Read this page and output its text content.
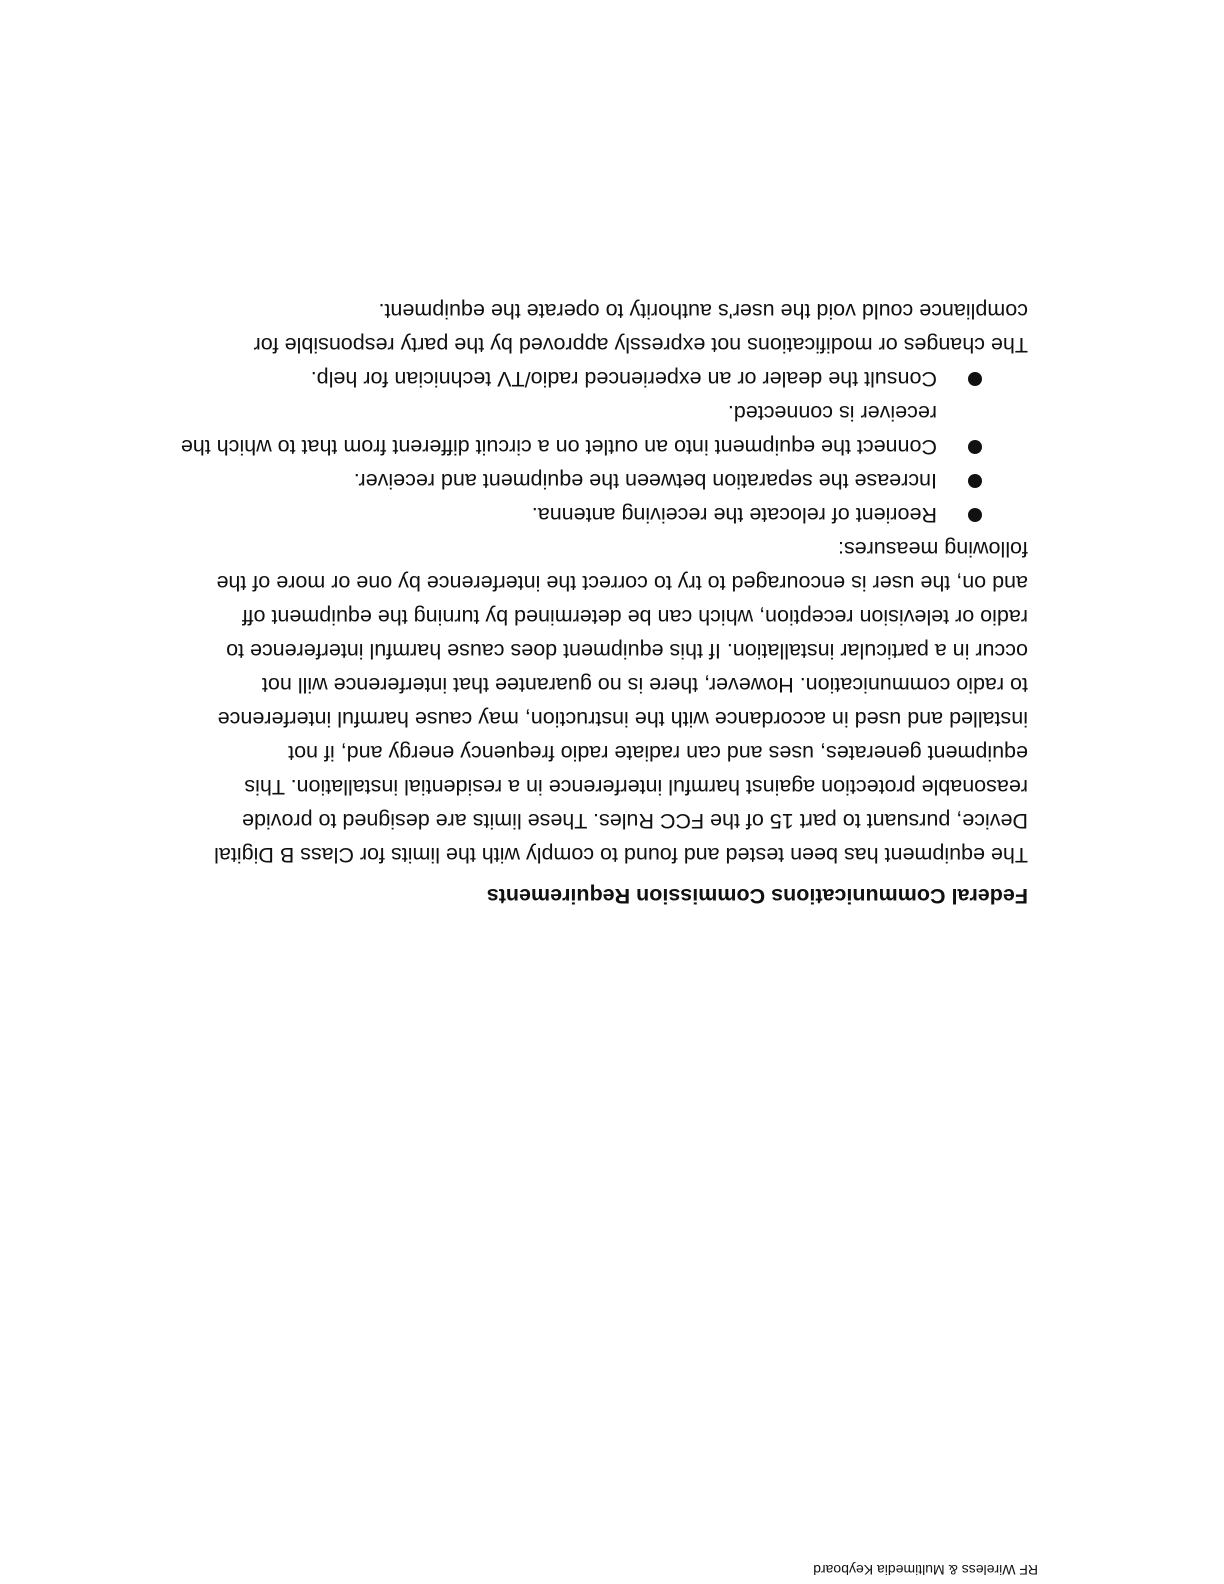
RF Wireless & Multimedia Keyboard
Federal Communications Commission Requirements
The equipment has been tested and found to comply with the limits for Class B Digital
Device, pursuant to part 15 of the FCC Rules. These limits are designed to provide
reasonable protection against harmful interference in a residential installation. This
equipment generates, uses and can radiate radio frequency energy and, if not
installed and used in accordance with the instruction, may cause harmful interference
to radio communication. However, there is no guarantee that interference will not
occur in a particular installation. If this equipment does cause harmful interference to
radio or television reception, which can be determined by turning the equipment off
and on, the user is encouraged to try to correct the interference by one or more of the
following measures:
Reorient of relocate the receiving antenna.
Increase the separation between the equipment and receiver.
Connect the equipment into an outlet on a circuit different from that to which the
receiver is connected.
Consult the dealer or an experienced radio/TV technician for help.
The changes or modifications not expressly approved by the party responsible for
compliance could void the user's authority to operate the equipment.
